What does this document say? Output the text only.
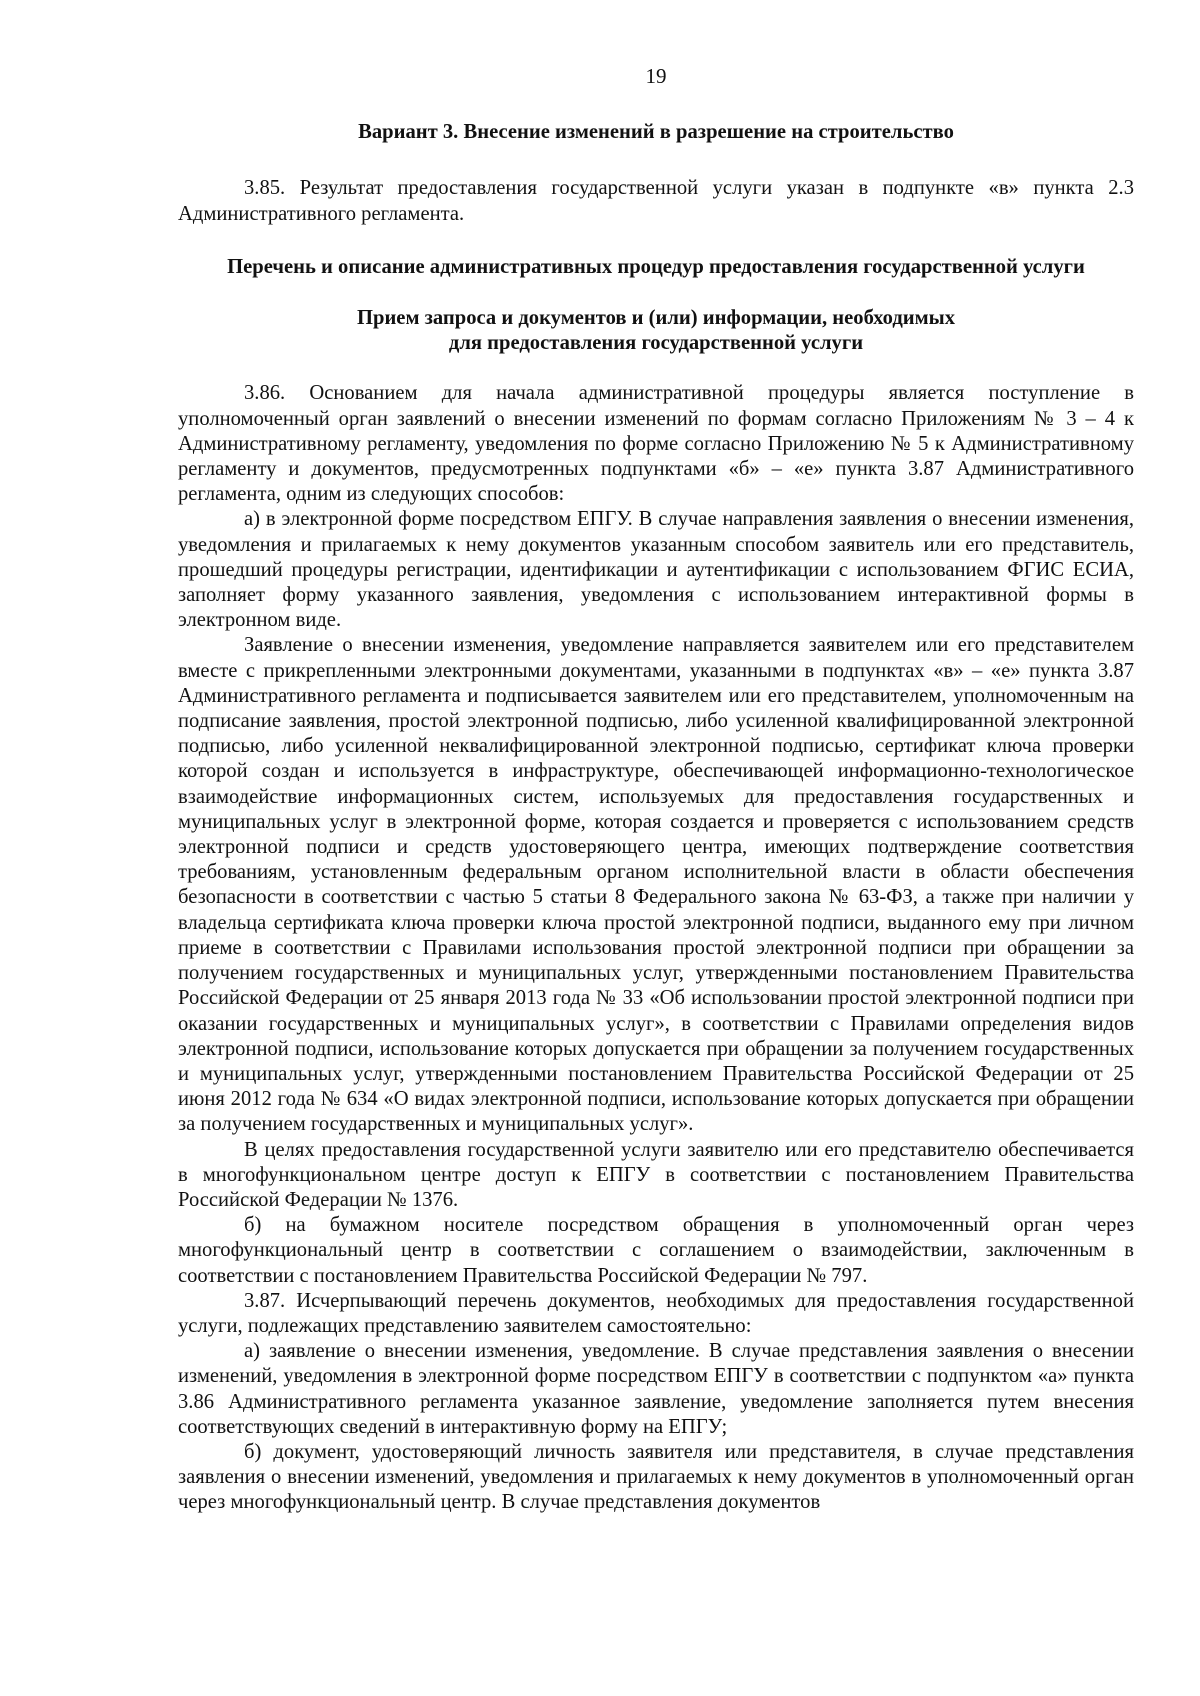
19
Вариант 3. Внесение изменений в разрешение на строительство

3.85. Результат предоставления государственной услуги указан в подпункте «в» пункта 2.3 Административного регламента.

Перечень и описание административных процедур предоставления государственной услуги
Прием запроса и документов и (или) информации, необходимых
для предоставления государственной услуги

3.86. Основанием для начала административной процедуры является поступление в уполномоченный орган заявлений о внесении изменений по формам согласно Приложениям № 3 – 4 к Административному регламенту, уведомления по форме согласно Приложению № 5 к Административному регламенту и документов, предусмотренных подпунктами «б» – «е» пункта 3.87 Административного регламента, одним из следующих способов:

а) в электронной форме посредством ЕПГУ. В случае направления заявления о внесении изменения, уведомления и прилагаемых к нему документов указанным способом заявитель или его представитель, прошедший процедуры регистрации, идентификации и аутентификации с использованием ФГИС ЕСИА, заполняет форму указанного заявления, уведомления с использованием интерактивной формы в электронном виде.

Заявление о внесении изменения, уведомление направляется заявителем или его представителем вместе с прикрепленными электронными документами, указанными в подпунктах «в» – «е» пункта 3.87 Административного регламента и подписывается заявителем или его представителем, уполномоченным на подписание заявления, простой электронной подписью, либо усиленной квалифицированной электронной подписью, либо усиленной неквалифицированной электронной подписью, сертификат ключа проверки которой создан и используется в инфраструктуре, обеспечивающей информационно-технологическое взаимодействие информационных систем, используемых для предоставления государственных и муниципальных услуг в электронной форме, которая создается и проверяется с использованием средств электронной подписи и средств удостоверяющего центра, имеющих подтверждение соответствия требованиям, установленным федеральным органом исполнительной власти в области обеспечения безопасности в соответствии с частью 5 статьи 8 Федерального закона № 63-ФЗ, а также при наличии у владельца сертификата ключа проверки ключа простой электронной подписи, выданного ему при личном приеме в соответствии с Правилами использования простой электронной подписи при обращении за получением государственных и муниципальных услуг, утвержденными постановлением Правительства Российской Федерации от 25 января 2013 года № 33 «Об использовании простой электронной подписи при оказании государственных и муниципальных услуг», в соответствии с Правилами определения видов электронной подписи, использование которых допускается при обращении за получением государственных и муниципальных услуг, утвержденными постановлением Правительства Российской Федерации от 25 июня 2012 года № 634 «О видах электронной подписи, использование которых допускается при обращении за получением государственных и муниципальных услуг».

В целях предоставления государственной услуги заявителю или его представителю обеспечивается в многофункциональном центре доступ к ЕПГУ в соответствии с постановлением Правительства Российской Федерации № 1376.

б) на бумажном носителе посредством обращения в уполномоченный орган через многофункциональный центр в соответствии с соглашением о взаимодействии, заключенным в соответствии с постановлением Правительства Российской Федерации № 797.

3.87. Исчерпывающий перечень документов, необходимых для предоставления государственной услуги, подлежащих представлению заявителем самостоятельно:

а) заявление о внесении изменения, уведомление. В случае представления заявления о внесении изменений, уведомления в электронной форме посредством ЕПГУ в соответствии с подпунктом «а» пункта 3.86 Административного регламента указанное заявление, уведомление заполняется путем внесения соответствующих сведений в интерактивную форму на ЕПГУ;

б) документ, удостоверяющий личность заявителя или представителя, в случае представления заявления о внесении изменений, уведомления и прилагаемых к нему документов в уполномоченный орган через многофункциональный центр. В случае представления документов
